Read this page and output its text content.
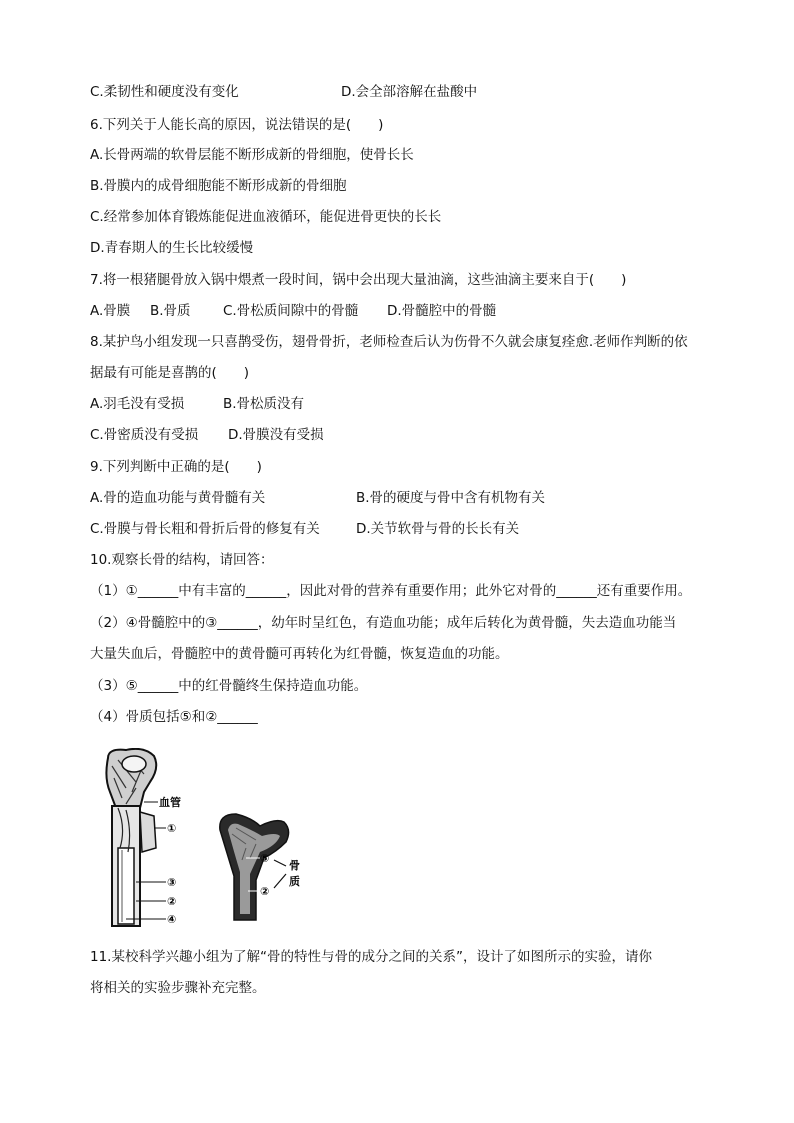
C.柔韧性和硬度没有变化	D.会全部溶解在盐酸中
6.下列关于人能长高的原因，说法错误的是(　　)
A.长骨两端的软骨层能不断形成新的骨细胞，使骨长长
B.骨膜内的成骨细胞能不断形成新的骨细胞
C.经常参加体育锻炼能促进血液循环，能促进骨更快的长长
D.青春期人的生长比较缓慢
7.将一根猪腿骨放入锅中煨煮一段时间，锅中会出现大量油滴，这些油滴主要来自于(　　)
A.骨膜 B.骨质 C.骨松质间隙中的骨髓 D.骨髓腔中的骨髓
8.某护鸟小组发现一只喜鹊受伤，翅骨骨折，老师检查后认为伤骨不久就会康复痊愈.老师作判断的依
据最有可能是喜鹊的(　　)
A.羽毛没有受损	B.骨松质没有
C.骨密质没有受损 D.骨膜没有受损
9.下列判断中正确的是(　　)
A.骨的造血功能与黄骨髓有关	B.骨的硬度与骨中含有机物有关
C.骨膜与骨长粗和骨折后骨的修复有关	D.关节软骨与骨的长长有关
10.观察长骨的结构，请回答：
（1）①______中有丰富的______，因此对骨的营养有重要作用；此外它对骨的______还有重要作用。
（2）④骨髓腔中的③______，幼年时呈红色，有造血功能；成年后转化为黄骨髓，失去造血功能当
大量失血后，骨髓腔中的黄骨髓可再转化为红骨髓，恢复造血的功能。
（3）⑤______中的红骨髓终生保持造血功能。
（4）骨质包括⑤和②______
血管
①
③
②
④
⑤
②
骨
质
11.某校科学兴趣小组为了解“骨的特性与骨的成分之间的关系”，设计了如图所示的实验，请你
将相关的实验步骤补充完整。
